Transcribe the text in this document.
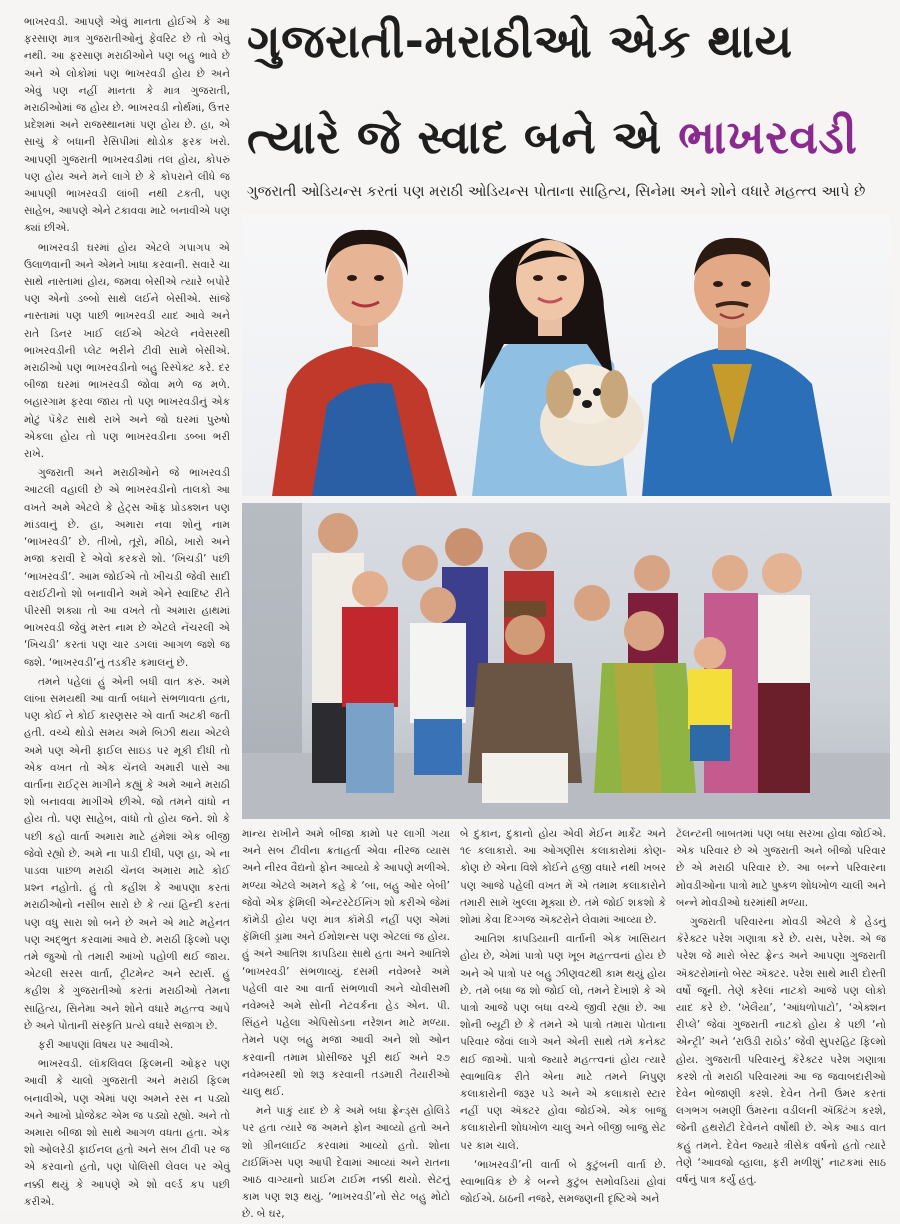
ભાખરવડી. આપણે એવું માનતા હોઈએ કે આ ફરસાણ માત્ર ગુજરાતીઓનું ફેવરિટ છે તો એવું નથી. આ ફરસાણ મરાઠીઓને પણ બહુ ભાવે છે અને એ લોકોમાં પણ ભાખરવડી હોય છે અને એવું પણ નહીં માનતા કે માત્ર ગુજરાતી, મરાઠીઓમાં જ હોય છે. ભાખરવડી નોર્થમાં, ઉત્તર પ્રદેશમાં અને રાજસ્થાનમાં પણ હોય છે. હા, એ સાચું કે બધાની રેસિપીમાં થોડોક ફરક ખરો. આપણી ગુજરાતી ભાખરવડીમાં તલ હોય, કોપરું પણ હોય અને મને લાગે છે કે કોપરાને લીધે જ આપણી ભાખરવડી લાંબી નથી ટકતી, પણ સાહેબ, આપણે એને ટકાવવા માટે બનાવીએ પણ ક્યાં છીએ.

ભાખરવડી ઘરમાં હોય એટલે ગપાગપ એ ઉલાળવાની અને એમને ખાધા કરવાની. સવારે ચા સાથે નાસ્તામાં હોય, જમવા બેસીએ ત્યારે બપોરે પણ એનો ડબ્બો સાથે લઈને બેસીએ. સાંજે નાસ્તામાં પણ પાછી ભાખરવડી યાદ આવે અને રાતે ડિનર ખાઈ લઈએ એટલે નવેસરથી ભાખરવડીની પ્લેટ ભરીને ટીવી સામે બેસીએ. મરાઠીઓ પણ ભાખરવડીનો બહુ રિસ્પેક્ટ કરે. દર બીજા ઘરમાં ભાખરવડી જોવા મળે જ મળે. બહારગામ ફરવા જાય તો પણ ભાખરવડીનું એક મોટું પૅકેટ સાથે રાખે અને જો ઘરમાં પુરુષો એકલા હોય તો પણ ભાખરવડીના ડબ્બા ભરી રાખે.

ગુજરાતી અને મરાઠીઓને જે ભાખરવડી આટલી વહાલી છે એ ભાખરવડીનો તાલકો આ વખતે અમે એટલે કે હેટ્સ ઑફ પ્રોડક્શન પણ માંડવાનું છે. હા, અમારા નવા શોનું નામ ‘ભાખરવડી’ છે. તીખો, તૂરો, મીઠો, ખારો અને મજા કરાવી દે એવો કરકરો શો. ‘ખિચડી’ પછી ‘ભાખરવડી’. આમ જોઈએ તો ખીચડી જેવી સાદી વરાઈટીનો શો બનાવીને અમે એને સ્વાદિષ્ટ રીતે પીરસી શક્યા તો આ વખતે તો અમારા હાથમાં ભાખરવડી જેવું મસ્ત નામ છે એટલે નૅચરલી એ ‘ખિચડી’ કરતાં પણ ચાર ડગલાં આગળ જશે જ જશે. ‘ભાખરવડી’નું તડકીર કમાલનું છે.

તમને પહેલાં હું એની બધી વાત કરું. અમે લાંબા સમયથી આ વાર્તા બધાને સંભળાવતા હતા, પણ કોઈ ને કોઈ કારણસર એ વાર્તા અટકી જતી હતી. વચ્ચે થોડો સમય અમે બિઝી થયા એટલે અમે પણ એની ફાઈલ સાઇડ પર મૂકી દીધી તો એક વખત તો એક ચૅનલે અમારી પાસે આ વાર્તાના રાઈટ્સ માગીને કહ્યું કે અમે આને મરાઠી શો બનાવવા માગીએ છીએ. જો તમને વાંધો ન હોય તો. પણ સાહેબ, વાંધો તો હોય જને. શો કે પછી કહો વાર્તા અમારા માટે હંમેશાં એક બીજી જેવો રહ્યો છે. અમે ના પાડી દીધી, પણ હા, એ ના પાડવા પાછળ મરાઠી ચૅનલ અમારા માટે કોઈ પ્રશ્ન નહોતો. હું તો કહીશ કે આપણા કરતાં મરાઠીઓનો નસીબ સારો છે કે ત્યાં હિન્દી કરતાં પણ વધુ સારા શો બને છે અને એ માટે મહેનત પણ અદ્ભુત કરવામાં આવે છે. મરાઠી ફિલ્મો પણ તમે જુઓ તો તમારી આંખો પહોળી થઈ જાય. એટલી સરસ વાર્તા, ટ્રીટમેન્ટ અને સ્ટાર્સ. હું કહીશ કે ગુજરાતીઓ કરતાં મરાઠીઓ તેમના સાહિત્ય, સિનેમા અને શોને વધારે મહત્ત્વ આપે છે અને પોતાની સંસ્કૃતિ પ્રત્યે વધારે સજાગ છે.

ફરી આપણાં વિષય પર આવીએ.

ભાખરવડી. લૉકલિવલ ફિલ્મની ઓફર પણ આવી કે ચાલો ગુજરાતી અને મરાઠી ફિલ્મ બનાવીએ, પણ એમાં પણ અમને રસ ન પડ્યો અને આખો પ્રોજેક્ટ એમ જ પડ્યો રહ્યો. અને તો અમારા બીજા શો સાથે આગળ વધતા હતા. એક શો ઓલરેડી ફાઈનલ હતો અને સબ ટીવી પર જ એ કરવાનો હતો, પણ પોલિસી લેવલ પર એવું નક્કી થયું કે આપણે એ શો વર્લ્ડ કપ પછી કરીએ.

ગુજરાતી-મરાઠીઓ એક થાય
ત્યારે જે સ્વાદ બને એ ભાખરવડી
ગુજરાતી ઓડિયન્સ કરતાં પણ મરાઠી ઓડિયન્સ પોતાના સાહિત્ય, સિનેમા અને શોને વધારે મહત્ત્વ આપે છે

માન્ય રાખીને અમે બીજા કામો પર લાગી ગયા અને સબ ટીવીના ક્રતાહર્તા એવા નીરજ વ્યાસ અને નીરવ વૈદ્યનો ફોન આવ્યો કે આપણે મળીએ. મળ્યા એટલે અમને કહે કે ‘બા, બહુ ઓર બેબી’ જેવો એક ફૅમિલી એન્ટરટેઈનિંગ શો કરીએ જેમાં કૉમેડી હોય પણ માત્ર કૉમેડી નહીં પણ એમાં ફૅમિલી ડ્રામા અને ઈમોશન્સ પણ એટલાં જ હોય. હું અને આતિશ કાપડિયા સાથે હતા અને આતિશે ‘ભાખરવડી’ સંભળાવ્યું. દસમી નવેમ્બરે અમે પહેલી વાર આ વાર્તા સંભળાવી અને ચોવીસમી નવેમ્બરે અમે સોની નેટવર્કના હેડ એન. પી. સિંહને પહેલા એપિસોડના નરેશન માટે મળ્યા. તેમને પણ બહુ મજા આવી અને શો ઓન કરવાની તમામ પ્રોસીજર પૂરી થઈ અને ૨૭ નવેમ્બરથી શો શરૂ કરવાની તડમારી તૈયારીઓ ચાલુ થઈ.

મને પાકું યાદ છે કે અમે બધા ફ્રેન્ડ્સ હોલિડે પર હતા ત્યારે જ અમને ફોન આવ્યો હતો અને શો ગ્રીનલાઈટ કરવામાં આવ્યો હતો. શોના ટાઈમિંગ્સ પણ આપી દેવામાં આવ્યાં અને રાતના આઠ વાગ્યાનો પ્રાઈમ ટાઈમ નક્કી થયો. સેટનું કામ પણ શરૂ થયું. ‘ભાખરવડી’નો સેટ બહુ મોટો છે. બે ઘર,

બે દુકાન, દુકાનો હોય એવી મેઈન માર્કેટ અને ૧૯ કલાકારો. આ ઓગણીસ કલાકારોમાં કોણ-કોણ છે એના વિશે કોઈને હજી વધારે નથી ખબર પણ આજે પહેલી વખત મેં એ તમામ કલાકારોને તમારી સામે ખુલ્લા મૂક્યા છે. તમે જોઈ શકશો કે શોમાં કેવા દિગ્ગજ ઍક્ટરોને લેવામાં આવ્યા છે.

આતિશ કાપડિયાની વાર્તાની એક ખાસિયત હોય છે, એમાં પાત્રો પણ ખૂબ મહત્ત્વનાં હોય છે અને એ પાત્રો પર બહુ ઝીણવટથી કામ થયું હોય છે. તમે બધા જ શો જોઈ લો, તમને દેખાશે કે એ પાત્રો આજે પણ બધા વચ્ચે જીવી રહ્યાં છે. આ શોની બ્યૂટી છે કે તમને એ પાત્રો તમારા પોતાના પરિવાર જેવાં લાગે અને એની સાથે તમે કનેક્ટ થઈ જાઓ. પાત્રો જ્યારે મહત્ત્વનાં હોય ત્યારે સ્વાભાવિક રીતે એના માટે તમને નિપુણ કલાકારોની જરૂર પડે અને એ કલાકારો સ્ટાર નહીં પણ ઍક્ટર હોવા જોઈએ. એક બાજુ કલાકારોની શોધખોળ ચાલુ અને બીજી બાજુ સેટ પર કામ ચાલે.

‘ભાખરવડી’ની વાર્તા બે કુટુંબની વાર્તા છે. સ્વાભાવિક છે કે બન્ને કુટુંબ સમોવડિયાં હોવાં જોઈએ. ઠાઠની નજરે, સમજણની દૃષ્ટિએ અને

ટૅલન્ટની બાબતમાં પણ બધા સરખા હોવા જોઈએ. એક પરિવાર છે એ ગુજરાતી અને બીજો પરિવાર છે એ મરાઠી પરિવાર છે. આ બન્ને પરિવારના મોવડીઓના પાત્રો માટે પુષ્કળ શોધખોળ ચાલી અને બન્ને મોવડીઓ ઘરમાંથી મળ્યા.

ગુજરાતી પરિવારના મોવડી એટલે કે હેડનું કૅરેક્ટર પરેશ ગણાત્રા કરે છે. યસ, પરેશ. એ જ પરેશ જે મારો બેસ્ટ ફ્રેન્ડ અને આપણા ગુજરાતી ઍક્ટરોમાંનો બેસ્ટ ઍક્ટર. પરેશ સાથે મારી દોસ્તી વર્ષો જૂની. તેણે કરેલાં નાટકો આજે પણ લોકો યાદ કરે છે. ‘ખેલૈયા’, ‘આંધળોપાટો’, ‘એક્શન રીપ્લે’ જેવાં ગુજરાતી નાટકો હોય કે પછી ‘નો એન્ટ્રી’ અને ‘રાઉડી રાઠોડ’ જેવી સુપરહિટ ફિલ્મો હોય. ગુજરાતી પરિવારનું કૅરેક્ટર પરેશ ગણાત્રા કરશે તો મરાઠી પરિવારમાં આ જ જવાબદારીઓ દેવેન ભોજાણી કરશે. દેવેન તેની ઉંમર કરતાં લગભગ બમણી ઉંમરના વડીલની ઍક્ટિંગ કરશે, જેની હથરોટી દેવેનને વર્ષોથી છે. એક આડ વાત કહું તમને. દેવેન જ્યારે ત્રીસેક વર્ષનો હતો ત્યારે તેણે ‘આવજો વ્હાલા, ફરી મળીશું’ નાટકમાં સાઠ વર્ષનું પાત્ર કર્યું હતું.
